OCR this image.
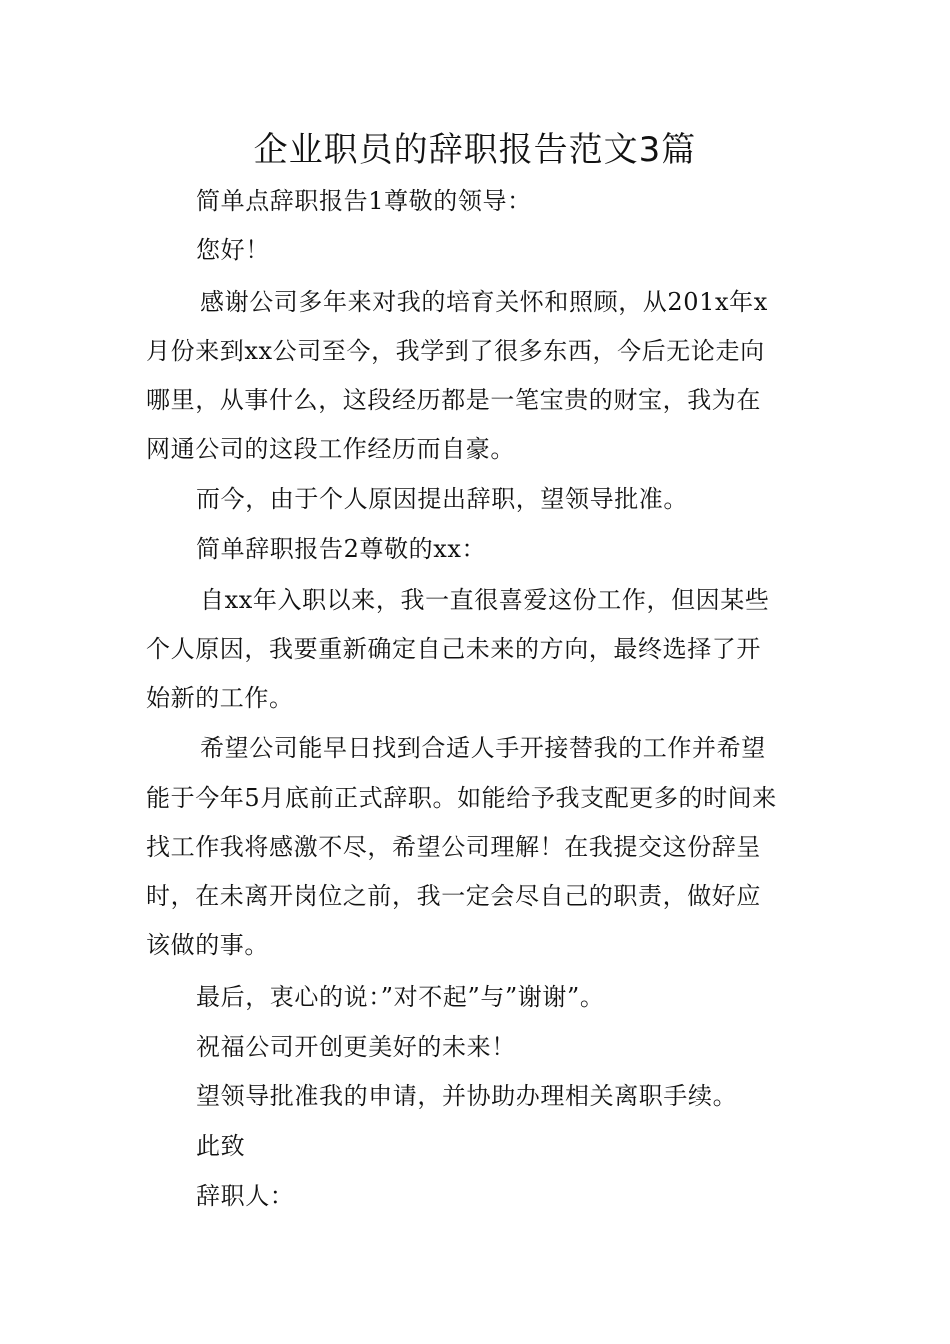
企业职员的辞职报告范文3篇
简单点辞职报告1尊敬的领导：
您好！
感谢公司多年来对我的培育关怀和照顾，从201x年x
月份来到xx公司至今，我学到了很多东西，今后无论走向
哪里，从事什么，这段经历都是一笔宝贵的财宝，我为在
网通公司的这段工作经历而自豪。
而今，由于个人原因提出辞职，望领导批准。
简单辞职报告2尊敬的xx：
自xx年入职以来，我一直很喜爱这份工作，但因某些
个人原因，我要重新确定自己未来的方向，最终选择了开
始新的工作。
希望公司能早日找到合适人手开接替我的工作并希望
能于今年5月底前正式辞职。如能给予我支配更多的时间来
找工作我将感激不尽，希望公司理解！在我提交这份辞呈
时，在未离开岗位之前，我一定会尽自己的职责，做好应
该做的事。
最后，衷心的说：”对不起”与”谢谢”。
祝福公司开创更美好的未来！
望领导批准我的申请，并协助办理相关离职手续。
此致
辞职人：
